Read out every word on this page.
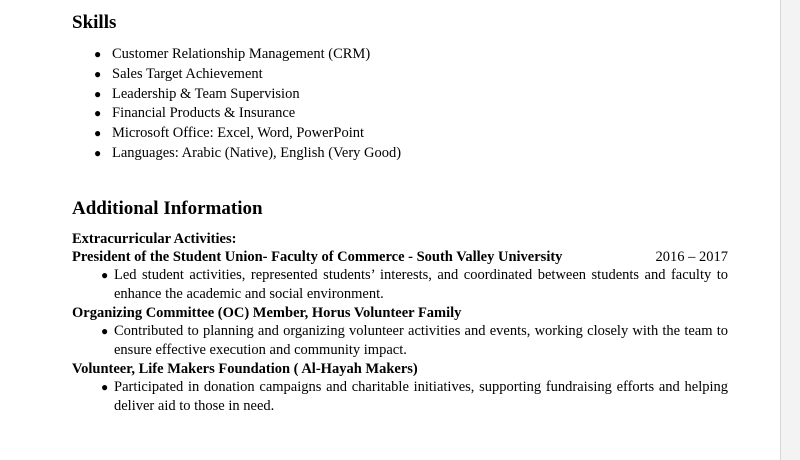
Skills
● Customer Relationship Management (CRM)
● Sales Target Achievement
● Leadership & Team Supervision
● Financial Products & Insurance
● Microsoft Office: Excel, Word, PowerPoint
● Languages: Arabic (Native), English (Very Good)
Additional Information
Extracurricular Activities:
President of the Student Union- Faculty of Commerce - South Valley University	2016 – 2017
● Led student activities, represented students’ interests, and coordinated between students and faculty to enhance the academic and social environment.
Organizing Committee (OC) Member, Horus Volunteer Family
● Contributed to planning and organizing volunteer activities and events, working closely with the team to ensure effective execution and community impact.
Volunteer, Life Makers Foundation ( Al-Hayah Makers)
● Participated in donation campaigns and charitable initiatives, supporting fundraising efforts and helping deliver aid to those in need.
